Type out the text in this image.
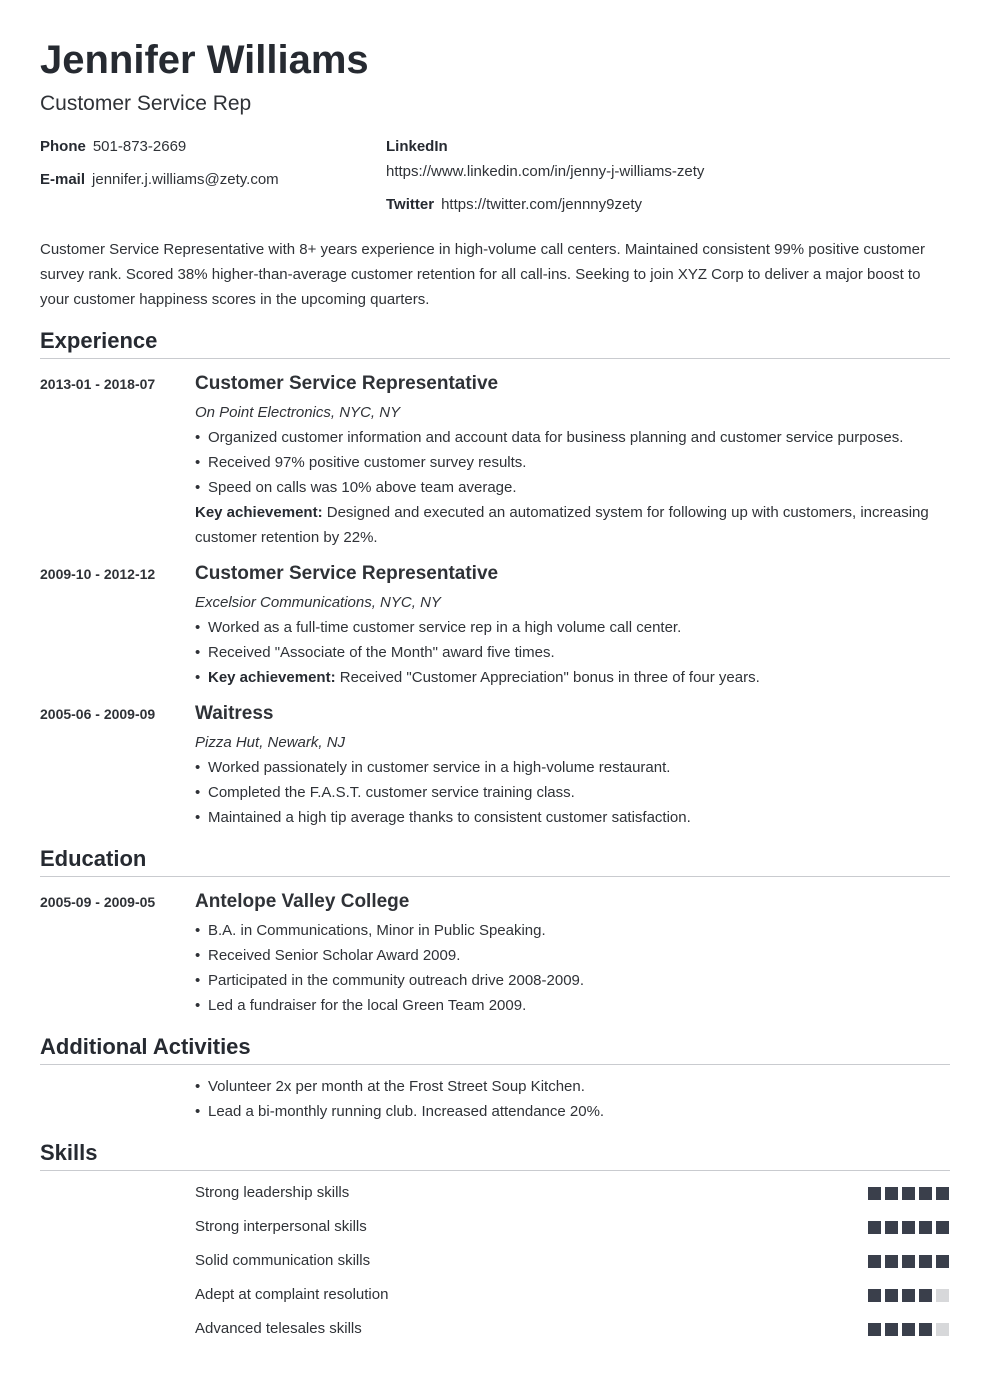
Jennifer Williams
Customer Service Rep
Phone 501-873-2669
E-mail jennifer.j.williams@zety.com
LinkedIn
https://www.linkedin.com/in/jenny-j-williams-zety
Twitter https://twitter.com/jennny9zety

Customer Service Representative with 8+ years experience in high-volume call centers. Maintained consistent 99% positive customer survey rank. Scored 38% higher-than-average customer retention for all call-ins. Seeking to join XYZ Corp to deliver a major boost to your customer happiness scores in the upcoming quarters.

Experience
2013-01 - 2018-07 Customer Service Representative
On Point Electronics, NYC, NY
• Organized customer information and account data for business planning and customer service purposes.
• Received 97% positive customer survey results.
• Speed on calls was 10% above team average.

Key achievement: Designed and executed an automatized system for following up with customers, increasing customer retention by 22%.

2009-10 - 2012-12 Customer Service Representative
Excelsior Communications, NYC, NY
• Worked as a full-time customer service rep in a high volume call center.
• Received "Associate of the Month" award five times.
• Key achievement: Received "Customer Appreciation" bonus in three of four years.
2005-06 - 2009-09 Waitress
Pizza Hut, Newark, NJ
• Worked passionately in customer service in a high-volume restaurant.
• Completed the F.A.S.T. customer service training class.
• Maintained a high tip average thanks to consistent customer satisfaction.
Education
2005-09 - 2009-05 Antelope Valley College
• B.A. in Communications, Minor in Public Speaking.
• Received Senior Scholar Award 2009.
• Participated in the community outreach drive 2008-2009.
• Led a fundraiser for the local Green Team 2009.
Additional Activities
• Volunteer 2x per month at the Frost Street Soup Kitchen.
• Lead a bi-monthly running club. Increased attendance 20%.
Skills
Strong leadership skills
Strong interpersonal skills
Solid communication skills
Adept at complaint resolution
Advanced telesales skills
